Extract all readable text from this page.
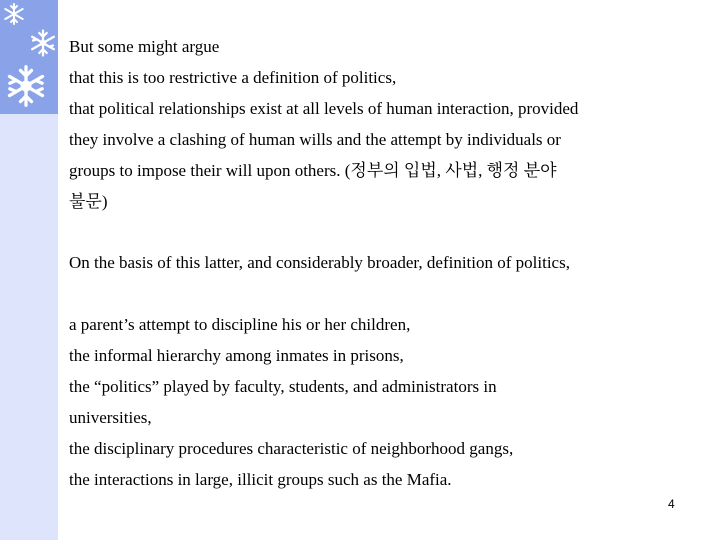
But some might argue

that this is too restrictive a definition of politics,

that political relationships exist at all levels of human interaction, provided

they involve a clashing of human wills and the attempt by individuals or

groups to impose their will upon others. (정부의 입법, 사법, 행정 분야

불문)

On the basis of this latter, and considerably broader, definition of politics,

a parent’s attempt to discipline his or her children,

the informal hierarchy among inmates in prisons,

the “politics” played by faculty, students, and administrators in

universities,

the disciplinary procedures characteristic of neighborhood gangs,

the interactions in large, illicit groups such as the Mafia.

4
